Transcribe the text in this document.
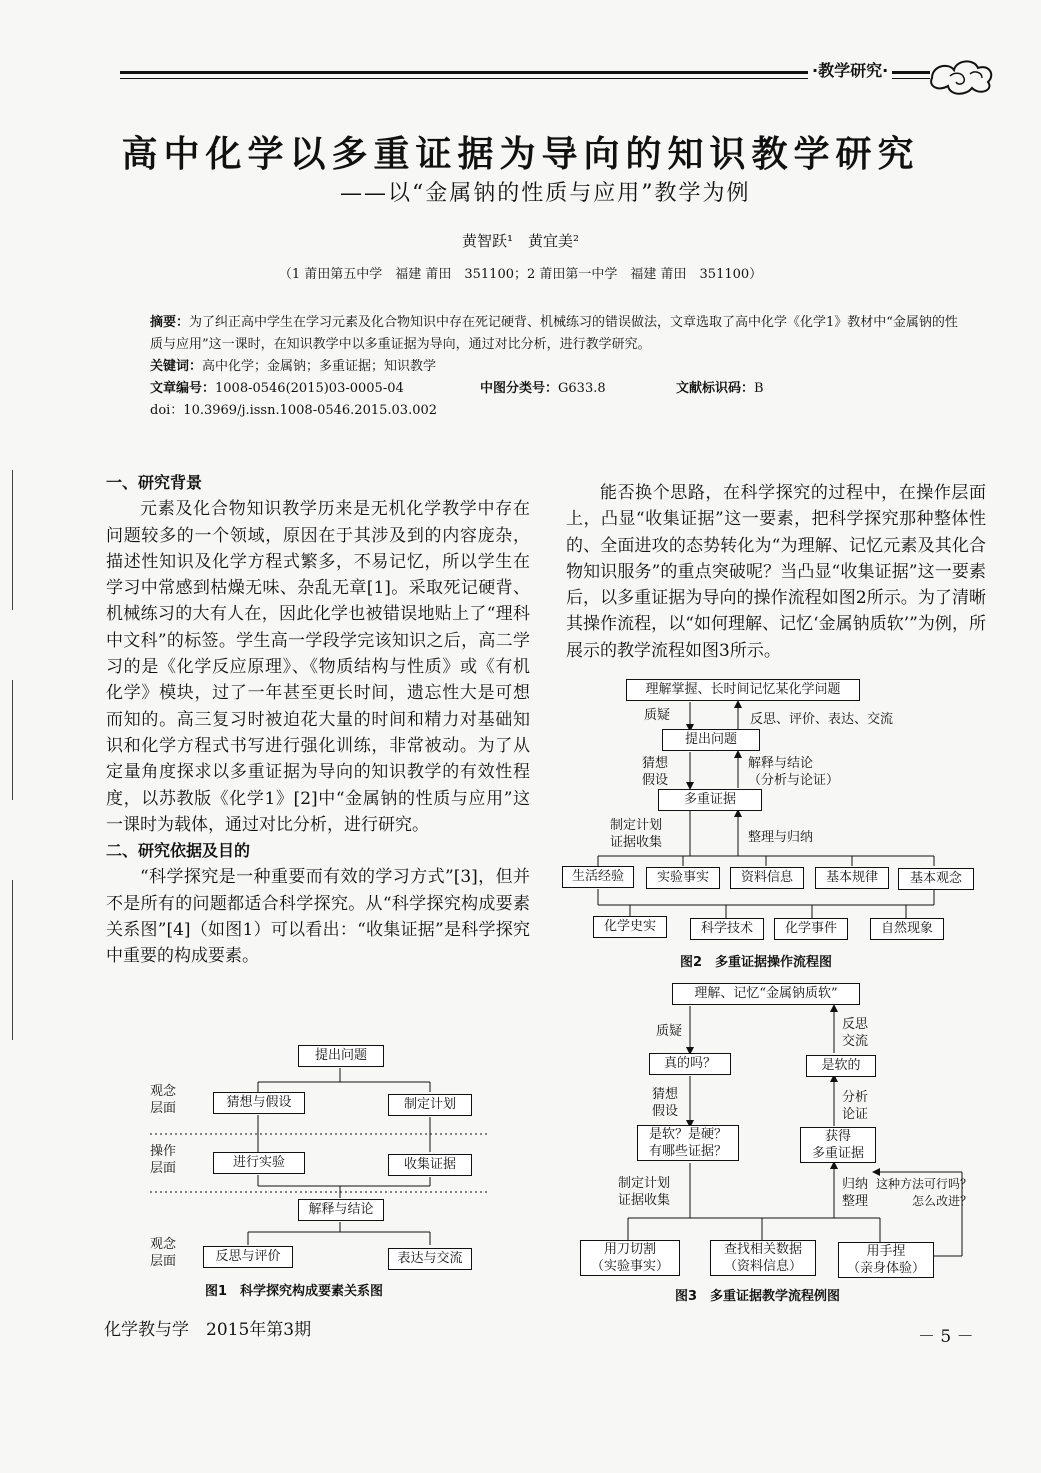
·教学研究·
高中化学以多重证据为导向的知识教学研究
——以“金属钠的性质与应用”教学为例
黄智跃¹　黄宜美²
（1 莆田第五中学　福建 莆田　351100；2 莆田第一中学　福建 莆田　351100）
摘要：为了纠正高中学生在学习元素及化合物知识中存在死记硬背、机械练习的错误做法，文章选取了高中化学《化学1》教材中“金属钠的性质与应用”这一课时，在知识教学中以多重证据为导向，通过对比分析，进行教学研究。
关键词：高中化学；金属钠；多重证据；知识教学
文章编号：1008-0546(2015)03-0005-04	中图分类号：G633.8	文献标识码：B
doi：10.3969/j.issn.1008-0546.2015.03.002
一、研究背景

元素及化合物知识教学历来是无机化学教学中存在问题较多的一个领域，原因在于其涉及到的内容庞杂，描述性知识及化学方程式繁多，不易记忆，所以学生在学习中常感到枯燥无味、杂乱无章[1]。采取死记硬背、机械练习的大有人在，因此化学也被错误地贴上了“理科中文科”的标签。学生高一学段学完该知识之后，高二学习的是《化学反应原理》、《物质结构与性质》或《有机化学》模块，过了一年甚至更长时间，遗忘性大是可想而知的。高三复习时被迫花大量的时间和精力对基础知识和化学方程式书写进行强化训练，非常被动。为了从定量角度探求以多重证据为导向的知识教学的有效性程度，以苏教版《化学1》[2]中“金属钠的性质与应用”这一课时为载体，通过对比分析，进行研究。

二、研究依据及目的

“科学探究是一种重要而有效的学习方式”[3]，但并不是所有的问题都适合科学探究。从“科学探究构成要素关系图”[4]（如图1）可以看出：“收集证据”是科学探究中重要的构成要素。

能否换个思路，在科学探究的过程中，在操作层面上，凸显“收集证据”这一要素，把科学探究那种整体性的、全面进攻的态势转化为“为理解、记忆元素及其化合物知识服务”的重点突破呢？当凸显“收集证据”这一要素后，以多重证据为导向的操作流程如图2所示。为了清晰其操作流程，以“如何理解、记忆‘金属钠质软’”为例，所展示的教学流程如图3所示。

提出问题
观念
层面	猜想与假设	制定计划
操作
层面	进行实验	收集证据
解释与结论
观念
层面	反思与评价	表达与交流
图1　科学探究构成要素关系图
理解掌握、长时间记忆某化学问题
质疑	反思、评价、表达、交流
提出问题
猜想
假设
解释与结论
（分析与论证）
多重证据
制定计划
证据收集	整理与归纳
生活经验	实验事实	资料信息	基本规律	基本观念
化学史实	科学技术	化学事件	自然现象
图2　多重证据操作流程图
理解、记忆“金属钠质软”
质疑	反思
交流
真的吗？	是软的
猜想
假设
分析
论证
是软？是硬？
有哪些证据？
获得
多重证据
制定计划
证据收集
归纳
整理
这种方法可行吗？
怎么改进？
用刀切割
（实验事实）
查找相关数据
（资料信息）
用手捏
（亲身体验）
图3　多重证据教学流程例图
化学教与学　2015年第3期	－ 5 －
